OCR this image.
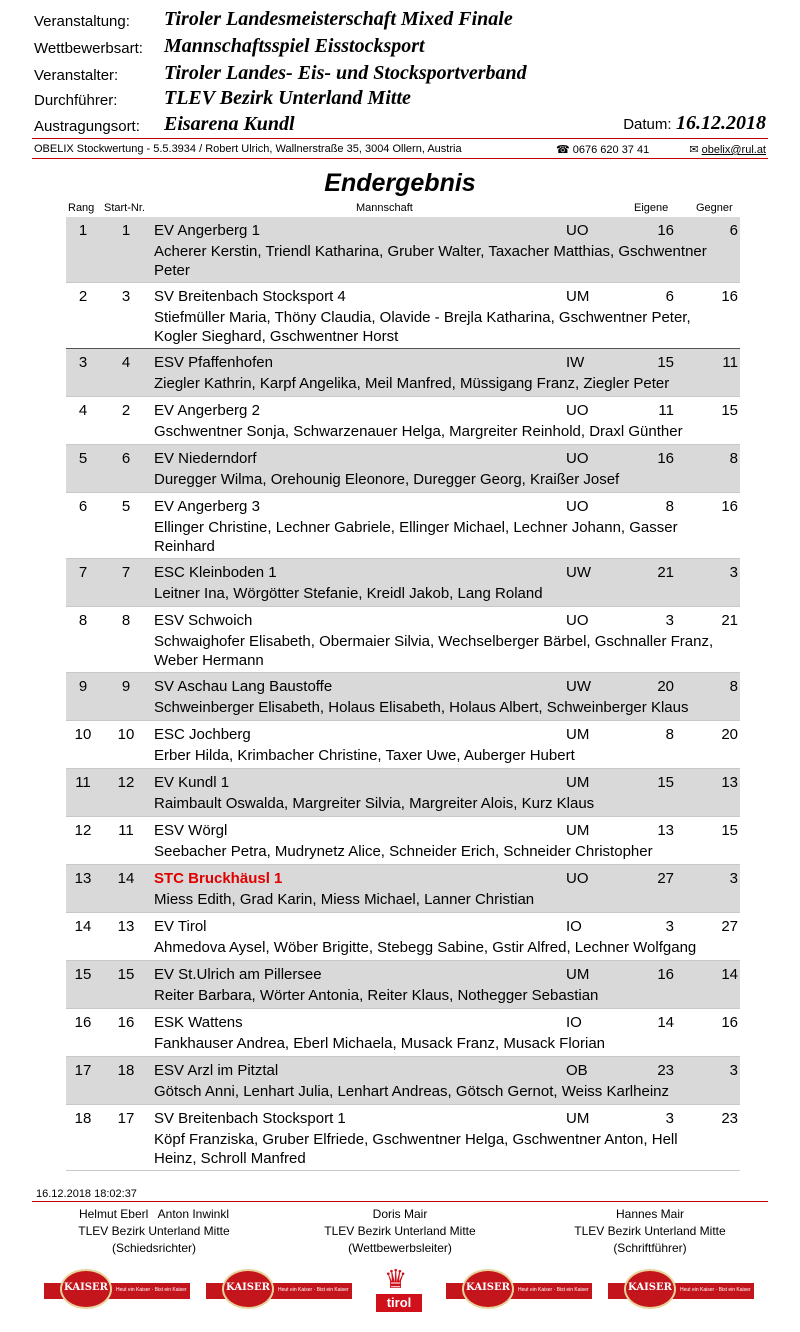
Veranstaltung: Tiroler Landesmeisterschaft Mixed Finale
Wettbewerbsart: Mannschaftsspiel Eisstocksport
Veranstalter: Tiroler Landes- Eis- und Stocksportverband
Durchführer: TLEV Bezirk Unterland Mitte
Austragungsort: Eisarena Kundl	Datum: 16.12.2018
OBELIX Stockwertung - 5.5.3934 / Robert Ulrich, Wallnerstraße 35, 3004 Ollern, Austria	☎ 0676 620 37 41	✉ obelix@rul.at
Endergebnis
Rang Start-Nr.	Mannschaft	Eigene	Gegner
1	1	EV Angerberg 1	UO	16	6
Acherer Kerstin, Triendl Katharina, Gruber Walter, Taxacher Matthias, Gschwentner Peter
2	3	SV Breitenbach Stocksport 4	UM	6	16
Stiefmüller Maria, Thöny Claudia, Olavide - Brejla Katharina, Gschwentner Peter, Kogler Sieghard, Gschwentner Horst
3	4	ESV Pfaffenhofen	IW	15	11
Ziegler Kathrin, Karpf Angelika, Meil Manfred, Müssigang Franz, Ziegler Peter
4	2	EV Angerberg 2	UO	11	15
Gschwentner Sonja, Schwarzenauer Helga, Margreiter Reinhold, Draxl Günther
5	6	EV Niederndorf	UO	16	8
Duregger Wilma, Orehounig Eleonore, Duregger Georg, Kraißer Josef
6	5	EV Angerberg 3	UO	8	16
Ellinger Christine, Lechner Gabriele, Ellinger Michael, Lechner Johann, Gasser Reinhard
7	7	ESC Kleinboden 1	UW	21	3
Leitner Ina, Wörgötter Stefanie, Kreidl Jakob, Lang Roland
8	8	ESV Schwoich	UO	3	21
Schwaighofer Elisabeth, Obermaier Silvia, Wechselberger Bärbel, Gschnaller Franz, Weber Hermann
9	9	SV Aschau Lang Baustoffe	UW	20	8
Schweinberger Elisabeth, Holaus Elisabeth, Holaus Albert, Schweinberger Klaus
10	10	ESC Jochberg	UM	8	20
Erber Hilda, Krimbacher Christine, Taxer Uwe, Auberger Hubert
11	12	EV Kundl 1	UM	15	13
Raimbault Oswalda, Margreiter Silvia, Margreiter Alois, Kurz Klaus
12	11	ESV Wörgl	UM	13	15
Seebacher Petra, Mudrynetz Alice, Schneider Erich, Schneider Christopher
13	14	STC Bruckhäusl 1	UO	27	3
Miess Edith, Grad Karin, Miess Michael, Lanner Christian
14	13	EV Tirol	IO	3	27
Ahmedova Aysel, Wöber Brigitte, Stebegg Sabine, Gstir Alfred, Lechner Wolfgang
15	15	EV St.Ulrich am Pillersee	UM	16	14
Reiter Barbara, Wörter Antonia, Reiter Klaus, Nothegger Sebastian
16	16	ESK Wattens	IO	14	16
Fankhauser Andrea, Eberl Michaela, Musack Franz, Musack Florian
17	18	ESV Arzl im Pitztal	OB	23	3
Götsch Anni, Lenhart Julia, Lenhart Andreas, Götsch Gernot, Weiss Karlheinz
18	17	SV Breitenbach Stocksport 1	UM	3	23
Köpf Franziska, Gruber Elfriede, Gschwentner Helga, Gschwentner Anton, Hell Heinz, Schroll Manfred
16.12.2018 18:02:37
Helmut Eberl   Anton Inwinkl
TLEV Bezirk Unterland Mitte
(Schiedsrichter)
Doris Mair
TLEV Bezirk Unterland Mitte
(Wettbewerbsleiter)
Hannes Mair
TLEV Bezirk Unterland Mitte
(Schriftführer)
KAISER	Heut ein Kaiser · Bist ein Kaiser	KAISER	Heut ein Kaiser · Bist ein Kaiser ♛
tirol
KAISER	Heut ein Kaiser · Bist ein Kaiser	KAISER	Heut ein Kaiser · Bist ein Kaiser
